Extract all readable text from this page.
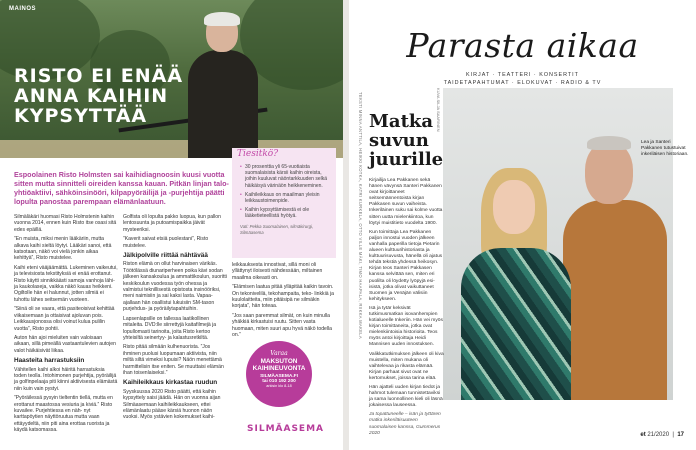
MAINOS
RISTO EI ENÄÄ ANNA KAIHIN KYPSYTTÄÄ
Espoolainen Risto Holmsten sai kaihidiagnoosin kuusi vuotta sitten mutta sinnitteli oireiden kanssa kauan. Pitkän linjan talo- yhtiöaktiivi, sähköinsinööri, kilpapyöräilijä ja -purjehtija päätti lopulta panostaa parempaan elämänlaatuun.

Silmäläkäri huomasi Risto Holmstenin kaihin vuonna 2014, ennen kuin Risto itse osasi sitä edes epäillä.

”En muista, miksi menin lääkäriin, mutta alkava kaihi sieltä löytyi. Lääkäri sanoi, että katsotaan, näkö voi vielä jonkin aikaa kehittyä”, Risto muistelee.

Kaihi eteni vääjäämättä. Lukeminen vaikeutui, ja televisiosta tekstityksiä ei enää erottanut. Risto käytti sinnikkäästi samoja vanhoja lähi- ja kaukolaseja, vaikka näkö kauas heikkeni. Ogiltolle hän ei halunnut, jotten silmiä ei tuhottu lähes seitsemän vuoteen.

”Siinä oli se vaara, että pasiteoisivat kehittää viikaisemaan ja ottaisivat ajoluvan pois. Leikkausjonossa olisi voinut kulua pulilin vuotta”, Risto pohtii.

Auton hän ajoi mieluiten vain valoisaan aikaan, sillä pimeällä vastaantulevien autojen valot häikäisivät liikaa.

Haasteita harrastuksiin

Vähitellen kaihi alkoi häiritä harrastuksia toden teolla. Intohimonen purjehtija, pyöräilijä ja golfinpelaaja piti kiinni aktiivisesta elämästä niin kuin vain pystyi.

”Pyöräilessä pysyin tieltentin tiellä, mutta en erottanut maastossa vesiuria ja kiviä.” Risto kuvailee. Purjehtiessa en näh- nyt karttapöytien näyttöruutua mutta vaan ettäyydeltä, niin piti aina erottaa ruorista ja käydä katsomassa.

Golfista oli lopulta pakko luopua, kun pallon lentosuunta ja putoamispaikka jäivät mysteeriksi.

”Kaverit saivat etsiä puolestani”, Risto muistelee.

Jälkipolville riittää nähtävää

Riston elämä on ollut harvinaisen värikäs. Töötölässä diunariperheen poika kävi sodan jälkeen kansakoulua ja ammattikoulun, suoritti keskikoulun vuodessa työn ohessa ja valmistui teknillisestä opistosta insinööriksi, meni naimisiin ja sai kaksi lasta. Vapaa-ajallaan hän osallistui lukuisiin SM-tason purjehdus- ja pyöräilytapahtuihin.

Lapsenlapsille on tallessa laatikollinen mitaleita. DVD:lle siirrettyjä kaitafilmejä ja lopullomasti tarinoita, joita Risto kertoo yhteisiltä seinertyy- ja kalastusretkiltä.

Risto pitää silmään kulhenuorista. ”Jos ihminen puolusi luopumaan aktiivista, niin miltä siltä vimeksi lupuisi? Näön menettämä harmittelisin itse eniten. Se muuttaisi elämän ihan toisenlaiseksi.”

Kaihileikkaus kirkastaa ruudun

Syyskuussa 2020 Risto päätti, että kaihin kypsyttely saisi jäädä. Hän on vuonna aijan Silmäasemaan kaihileikkaukseen, ettei elämänlaatu pääse kärsiä huonon näön vuoksi. Myös ystävien kokemukset kaihi-

Tiesitkö?
• 30 prosenttia yli 65-vuotiaista suomalaisista kärsii kaihin oireista, joihin kuuluvat näöntarkkuuden selkä häikäisyä värinäön heikkeneminen.
• Kaihileikkaus on maailman yleisin leikkaustoimenpide.
• Kaihin kypsyttämisestä ei ole lääketieteellistä hyötyä.
Vati: Pekka Suomalainen, silmäkirurgi, Silmäasema

leikkauksesta innostivat, sillä moni oli yllättynyt iloisesti nähdessään, miltainen maailma oikeasti on.

”Elämisen laatua pitää ylläpitää kaikin tavoin. On tekonivelilä, tekohampaita, teko- linkkiä ja kuulolaitteita, miin pitäisipä ne silmäkin korjata”, hän toteaa.

”Jos saan paremmat silmät, on kuin minulla yhäkkiä kirkastuisi ruutu. Sitten vasta huomaan, miten suuri apu hyvä näkö todella on.”

Varaa
MAKSUTON KAIHINEUVONTA
SILMÄASEMA.FI
tai 010 192 200
arkisin klo 8-18
SILMÄASEMA
Parasta aikaa
KIRJAT · TEATTERI · KONSERTIT
TAIDETAPAHTUMAT · ELOKUVAT · RADIO & TV
TEKSTI MINNA ANTTILA, HEIKKI KOTKA, KATRI KURKELA, OTTO VILLE MÄKI, TIMO HAAPALA, RIIKKA MAKELA	KUVA SILJA SAARINEN
Matka suvun juurille

Kirjailija Lea Pakkanen sekä hänen vävynsä Santeri Pakkanen ovat kirjoittaneet seitsemännentoista kirjan Pakkasen suvun vaiheista. Inkeriläinen suku sai kolme vuotta sitten uutta mielenkiintoa, kun löytyi muistitieto vuodelta 1900.

Kun toimittaja Lea Pakkanen paljon innostui vuoden jälkeen vanhalla paperilla tietoja Pietarin alueen kulttuurihistoriasta ja kulttuurisuvusta, hänellä oli ajatus tehdä tekstiä yhdessä heikosyn. Kirjan teos Santeri Pakkasen kanssa selvittää sen, miten eri puolilta oli löydetty lyöpyjä esi- isistä, jotka olivat vaikuttaneet Suomen ja Venäjän välisiin kehitykseen.

Isä ja tytär keksivät tutkimusmatkan isovanhempien kotialueelle Inkeriin. Hän vei myös kirjan toimittaneita, jotka ovat mielenkiintoisia historioita. Teos myös antoi kirjoittaja Heidi Mannisen uuden innostuksen.

Valikkatutkimuksen jälkeen oli kiva muistella, miten mukana oli vaihtelevaa ja rikasta elämää. Kirjan parhaat sivut ovat ne kertomukset, joissa tarina elää.

Hän ajatteli uuden kirjan tiedot ja hahmot tulemaan tunnistettaviksi ja sama luonnollinen kieli oli läsnä jokaisessa lauseessa.

Ja topattuneelle – isän ja tyttären matka inkeriläisuuteen suomalaisen kanssa, Gummerus 2020

Lea ja Santeri Pakkanen tutustuivat inkeriläisen historiaan.
et 21/2020  |  17
